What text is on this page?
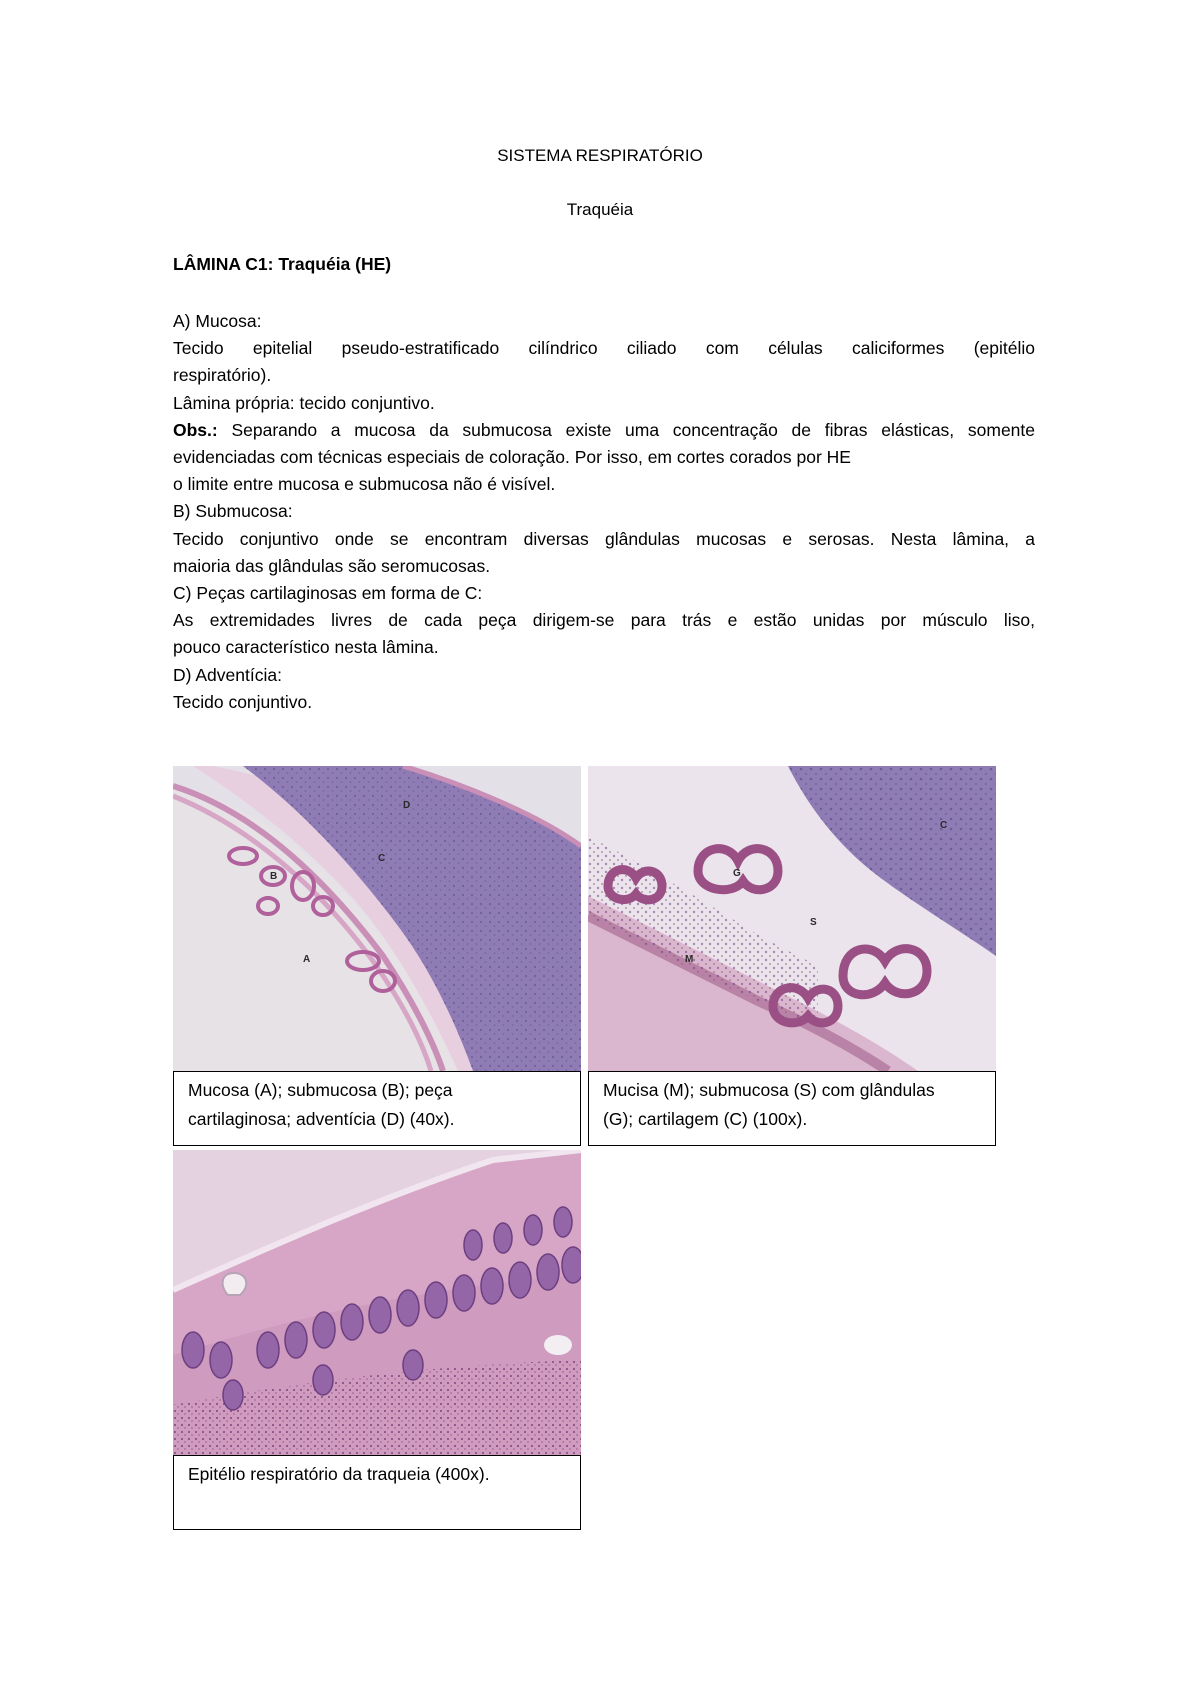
SISTEMA RESPIRATÓRIO
Traquéia
LÂMINA C1: Traquéia (HE)

A) Mucosa:

Tecido epitelial pseudo-estratificado cilíndrico ciliado com células caliciformes (epitélio

respiratório).

Lâmina própria: tecido conjuntivo.

Obs.: Separando a mucosa da submucosa existe uma concentração de fibras elásticas, somente

evidenciadas com técnicas especiais de coloração. Por isso, em cortes corados por HE

o limite entre mucosa e submucosa não é visível.

B) Submucosa:

Tecido conjuntivo onde se encontram diversas glândulas mucosas e serosas. Nesta lâmina, a

maioria das glândulas são seromucosas.

C) Peças cartilaginosas em forma de C:

As extremidades livres de cada peça dirigem-se para trás e estão unidas por músculo liso,

pouco característico nesta lâmina.

D) Adventícia:

Tecido conjuntivo.

D
C
B
A
Mucosa (A); submucosa (B); peça
cartilaginosa; adventícia (D) (40x).
C
G
S
M
Mucisa (M); submucosa (S) com glândulas
(G); cartilagem (C) (100x).
Epitélio respiratório da traqueia (400x).
